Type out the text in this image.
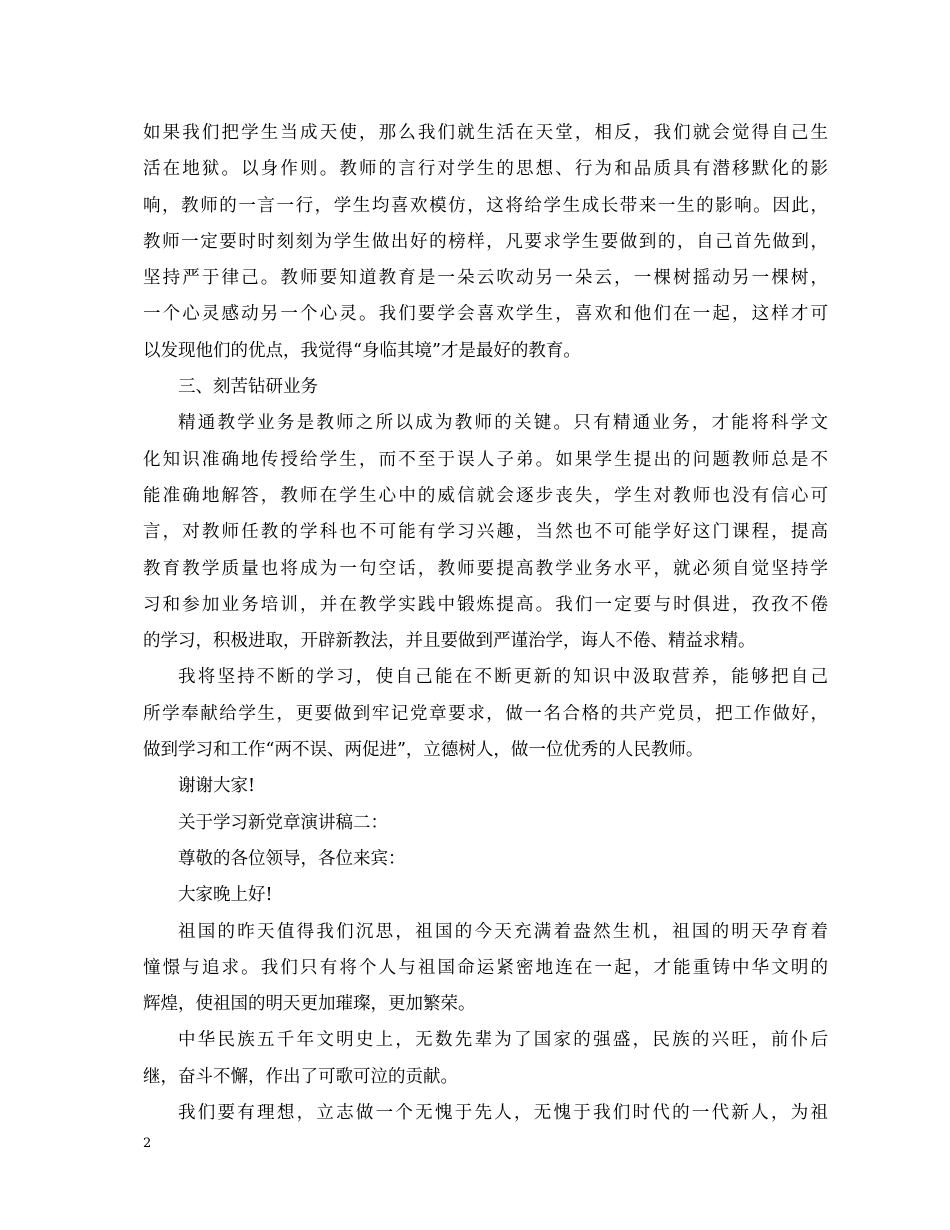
如果我们把学生当成天使，那么我们就生活在天堂，相反，我们就会觉得自己生
活在地狱。以身作则。教师的言行对学生的思想、行为和品质具有潜移默化的影
响，教师的一言一行，学生均喜欢模仿，这将给学生成长带来一生的影响。因此，
教师一定要时时刻刻为学生做出好的榜样，凡要求学生要做到的，自己首先做到，
坚持严于律己。教师要知道教育是一朵云吹动另一朵云，一棵树摇动另一棵树，
一个心灵感动另一个心灵。我们要学会喜欢学生，喜欢和他们在一起，这样才可
以发现他们的优点，我觉得“身临其境”才是最好的教育。
三、刻苦钻研业务
精通教学业务是教师之所以成为教师的关键。只有精通业务，才能将科学文
化知识准确地传授给学生，而不至于误人子弟。如果学生提出的问题教师总是不
能准确地解答，教师在学生心中的威信就会逐步丧失，学生对教师也没有信心可
言，对教师任教的学科也不可能有学习兴趣，当然也不可能学好这门课程，提高
教育教学质量也将成为一句空话，教师要提高教学业务水平，就必须自觉坚持学
习和参加业务培训，并在教学实践中锻炼提高。我们一定要与时俱进，孜孜不倦
的学习，积极进取，开辟新教法，并且要做到严谨治学，诲人不倦、精益求精。
我将坚持不断的学习，使自己能在不断更新的知识中汲取营养，能够把自己
所学奉献给学生，更要做到牢记党章要求，做一名合格的共产党员，把工作做好，
做到学习和工作“两不误、两促进”，立德树人，做一位优秀的人民教师。
谢谢大家!
关于学习新党章演讲稿二：
尊敬的各位领导，各位来宾：
大家晚上好!
祖国的昨天值得我们沉思，祖国的今天充满着盎然生机，祖国的明天孕育着
憧憬与追求。我们只有将个人与祖国命运紧密地连在一起，才能重铸中华文明的
辉煌，使祖国的明天更加璀璨，更加繁荣。
中华民族五千年文明史上，无数先辈为了国家的强盛，民族的兴旺，前仆后
继，奋斗不懈，作出了可歌可泣的贡献。
我们要有理想，立志做一个无愧于先人，无愧于我们时代的一代新人，为祖
2
